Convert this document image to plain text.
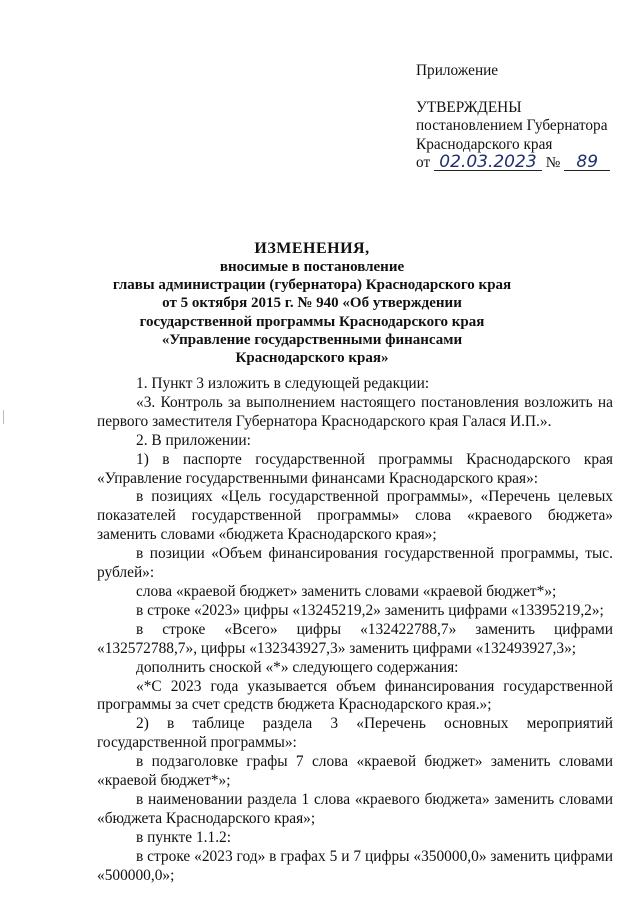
Приложение
УТВЕРЖДЕНЫ
постановлением Губернатора
Краснодарского края
от 02.03.2023 № 89
ИЗМЕНЕНИЯ,
вносимые в постановление
главы администрации (губернатора) Краснодарского края
от 5 октября 2015 г. № 940 «Об утверждении
государственной программы Краснодарского края
«Управление государственными финансами
Краснодарского края»

1. Пункт 3 изложить в следующей редакции:

«3. Контроль за выполнением настоящего постановления возложить на первого заместителя Губернатора Краснодарского края Галася И.П.».

2. В приложении:

1) в паспорте государственной программы Краснодарского края «Управление государственными финансами Краснодарского края»:

в позициях «Цель государственной программы», «Перечень целевых показателей государственной программы» слова «краевого бюджета» заменить словами «бюджета Краснодарского края»;

в позиции «Объем финансирования государственной программы, тыс. рублей»:

слова «краевой бюджет» заменить словами «краевой бюджет*»;

в строке «2023» цифры «13245219,2» заменить цифрами «13395219,2»;

в строке «Всего» цифры «132422788,7» заменить цифрами «132572788,7», цифры «132343927,3» заменить цифрами «132493927,3»;

дополнить сноской «*» следующего содержания:

«*С 2023 года указывается объем финансирования государственной программы за счет средств бюджета Краснодарского края.»;

2) в таблице раздела 3 «Перечень основных мероприятий государственной программы»:

в подзаголовке графы 7 слова «краевой бюджет» заменить словами «краевой бюджет*»;

в наименовании раздела 1 слова «краевого бюджета» заменить словами «бюджета Краснодарского края»;

в пункте 1.1.2:

в строке «2023 год» в графах 5 и 7 цифры «350000,0» заменить цифрами «500000,0»;
